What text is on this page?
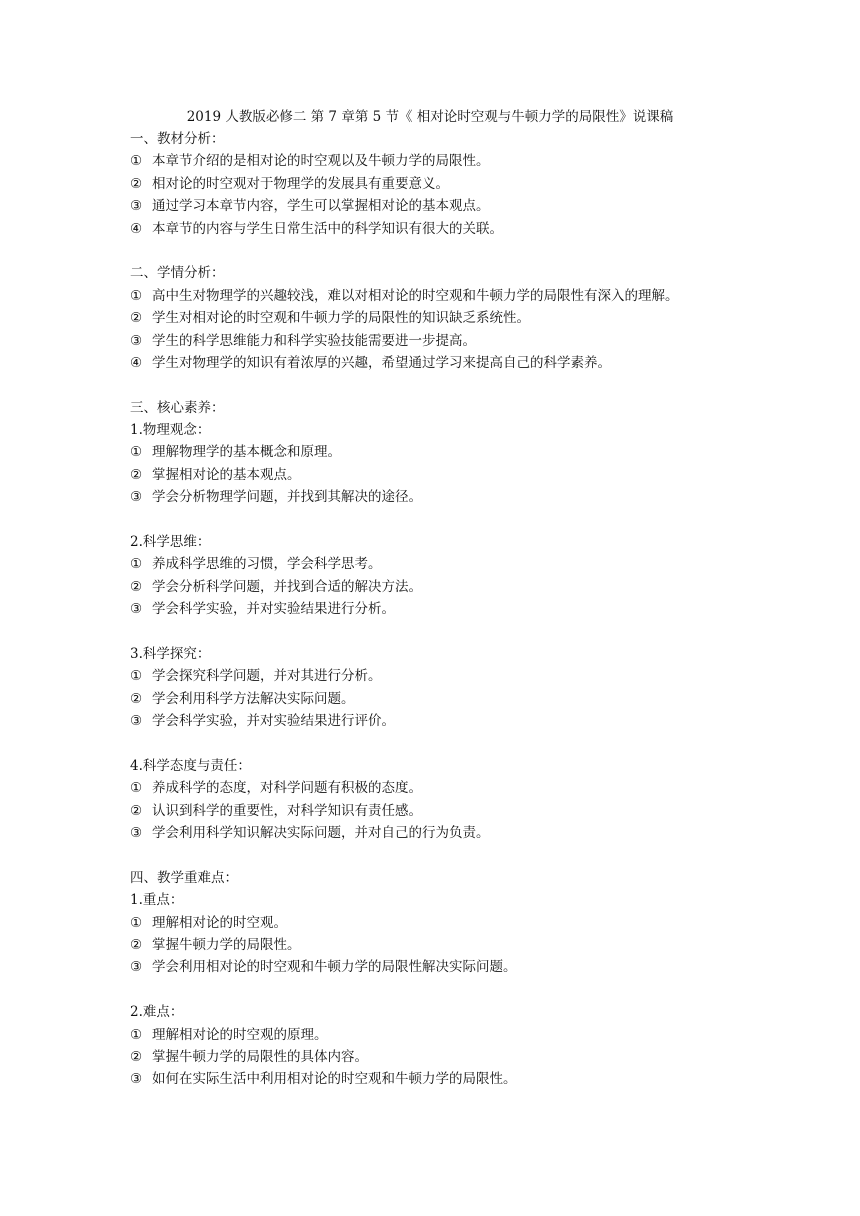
2019 人教版必修二 第 7 章第 5 节《 相对论时空观与牛顿力学的局限性》说课稿
一、教材分析：
① 本章节介绍的是相对论的时空观以及牛顿力学的局限性。
② 相对论的时空观对于物理学的发展具有重要意义。
③ 通过学习本章节内容，学生可以掌握相对论的基本观点。
④ 本章节的内容与学生日常生活中的科学知识有很大的关联。
二、学情分析：
① 高中生对物理学的兴趣较浅，难以对相对论的时空观和牛顿力学的局限性有深入的理解。
② 学生对相对论的时空观和牛顿力学的局限性的知识缺乏系统性。
③ 学生的科学思维能力和科学实验技能需要进一步提高。
④ 学生对物理学的知识有着浓厚的兴趣，希望通过学习来提高自己的科学素养。
三、核心素养：
1.物理观念：
① 理解物理学的基本概念和原理。
② 掌握相对论的基本观点。
③ 学会分析物理学问题，并找到其解决的途径。
2.科学思维：
① 养成科学思维的习惯，学会科学思考。
② 学会分析科学问题，并找到合适的解决方法。
③ 学会科学实验，并对实验结果进行分析。
3.科学探究：
① 学会探究科学问题，并对其进行分析。
② 学会利用科学方法解决实际问题。
③ 学会科学实验，并对实验结果进行评价。
4.科学态度与责任：
① 养成科学的态度，对科学问题有积极的态度。
② 认识到科学的重要性，对科学知识有责任感。
③ 学会利用科学知识解决实际问题，并对自己的行为负责。
四、教学重难点：
1.重点：
① 理解相对论的时空观。
② 掌握牛顿力学的局限性。
③ 学会利用相对论的时空观和牛顿力学的局限性解决实际问题。
2.难点：
① 理解相对论的时空观的原理。
② 掌握牛顿力学的局限性的具体内容。
③ 如何在实际生活中利用相对论的时空观和牛顿力学的局限性。
